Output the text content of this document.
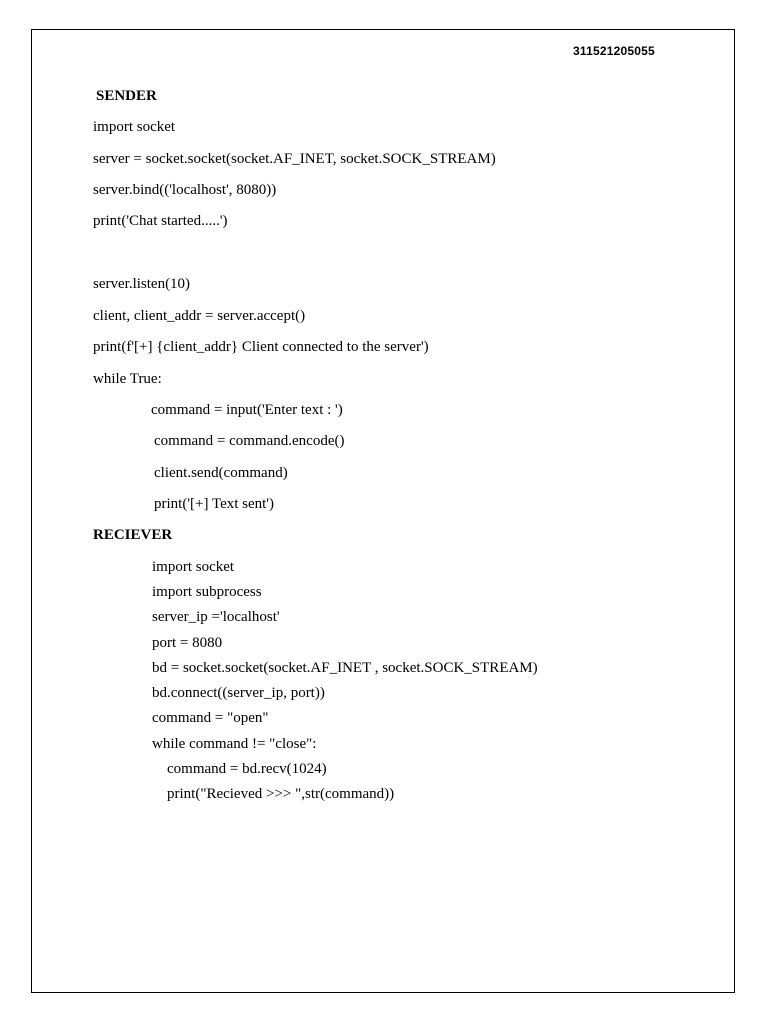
311521205055
SENDER
import socket
server = socket.socket(socket.AF_INET, socket.SOCK_STREAM)
server.bind(('localhost', 8080))
print('Chat started.....')
server.listen(10)
client, client_addr = server.accept()
print(f'[+] {client_addr} Client connected to the server')
while True:
command = input('Enter text : ')
command = command.encode()
client.send(command)
print('[+] Text sent')
RECIEVER
import socket
import subprocess
server_ip ='localhost'
port = 8080
bd = socket.socket(socket.AF_INET , socket.SOCK_STREAM)
bd.connect((server_ip, port))
command = "open"
while command != "close":
command = bd.recv(1024)
print("Recieved >>> ",str(command))
